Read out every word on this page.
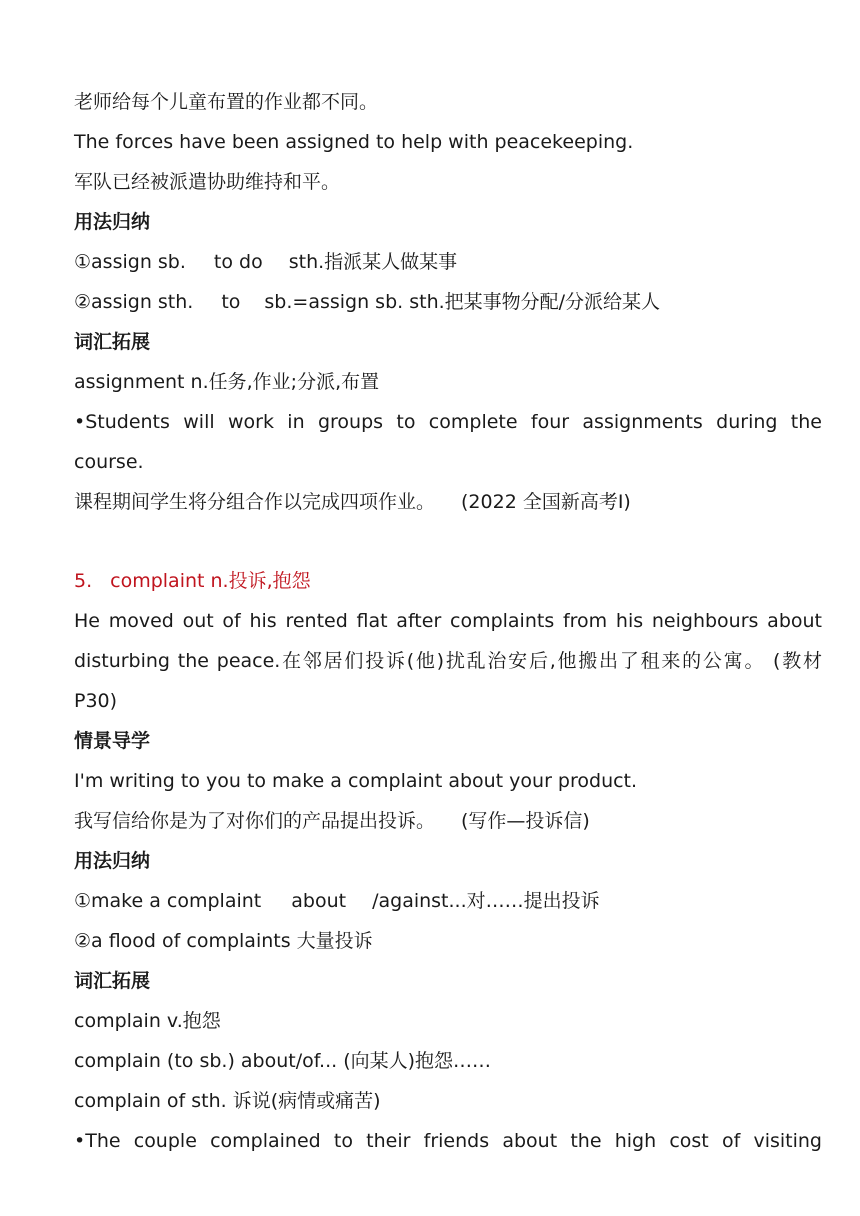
老师给每个儿童布置的作业都不同。
The forces have been assigned to help with peacekeeping.
军队已经被派遣协助维持和平。
用法归纳
①assign sb. to do sth.指派某人做某事
②assign sth. to sb.=assign sb. sth.把某事物分配/分派给某人
词汇拓展
assignment n.任务,作业;分派,布置
•Students will work in groups to complete four assignments during the
course.
课程期间学生将分组合作以完成四项作业。 (2022 全国新高考Ⅰ)
5. complaint n.投诉,抱怨
He moved out of his rented flat after complaints from his neighbours about
disturbing the peace.在邻居们投诉(他)扰乱治安后,他搬出了租来的公寓。 (教材
P30)
情景导学
I'm writing to you to make a complaint about your product.
我写信给你是为了对你们的产品提出投诉。 (写作—投诉信)
用法归纳
①make a complaint about /against...对……提出投诉
②a flood of complaints 大量投诉
词汇拓展
complain v.抱怨
complain (to sb.) about/of... (向某人)抱怨……
complain of sth. 诉说(病情或痛苦)
•The couple complained to their friends about the high cost of visiting
